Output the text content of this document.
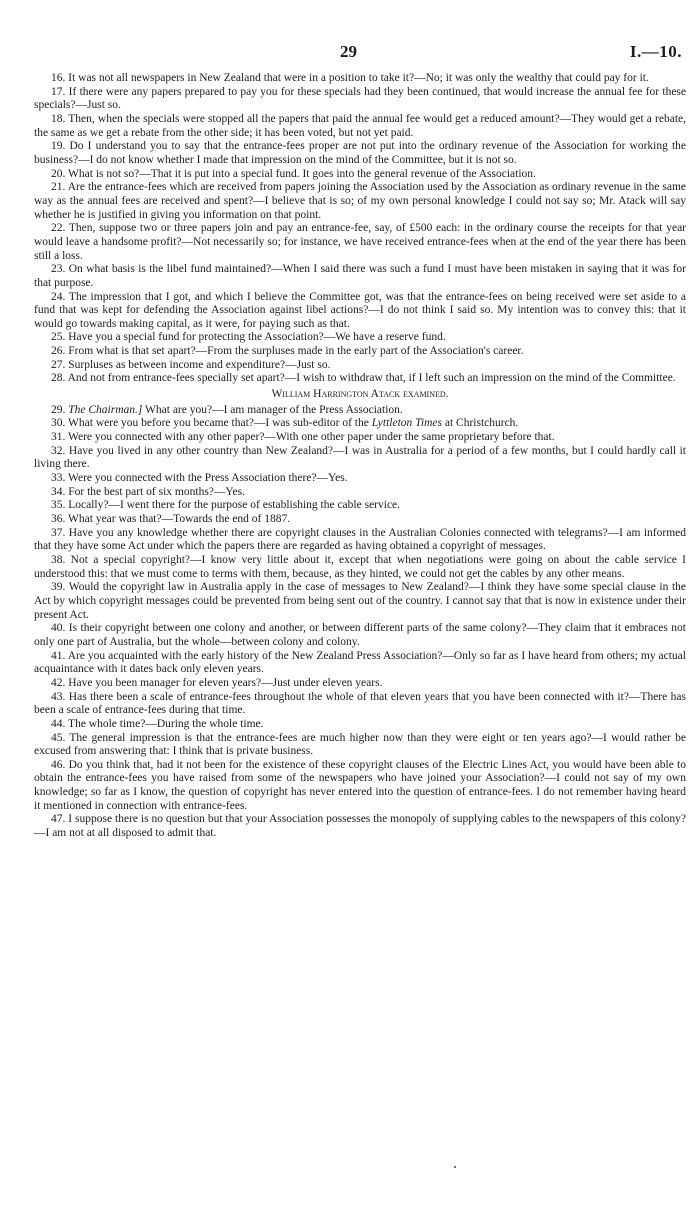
29	I.—10.

16. It was not all newspapers in New Zealand that were in a position to take it?—No; it was only the wealthy that could pay for it.

17. If there were any papers prepared to pay you for these specials had they been continued, that would increase the annual fee for these specials?—Just so.

18. Then, when the specials were stopped all the papers that paid the annual fee would get a reduced amount?—They would get a rebate, the same as we get a rebate from the other side; it has been voted, but not yet paid.

19. Do I understand you to say that the entrance-fees proper are not put into the ordinary revenue of the Association for working the business?—I do not know whether I made that impression on the mind of the Committee, but it is not so.

20. What is not so?—That it is put into a special fund. It goes into the general revenue of the Association.

21. Are the entrance-fees which are received from papers joining the Association used by the Association as ordinary revenue in the same way as the annual fees are received and spent?—I believe that is so; of my own personal knowledge I could not say so; Mr. Atack will say whether he is justified in giving you information on that point.

22. Then, suppose two or three papers join and pay an entrance-fee, say, of £500 each: in the ordinary course the receipts for that year would leave a handsome profit?—Not necessarily so; for instance, we have received entrance-fees when at the end of the year there has been still a loss.

23. On what basis is the libel fund maintained?—When I said there was such a fund I must have been mistaken in saying that it was for that purpose.

24. The impression that I got, and which I believe the Committee got, was that the entrance-fees on being received were set aside to a fund that was kept for defending the Association against libel actions?—I do not think I said so. My intention was to convey this: that it would go towards making capital, as it were, for paying such as that.

25. Have you a special fund for protecting the Association?—We have a reserve fund.

26. From what is that set apart?—From the surpluses made in the early part of the Association's career.

27. Surpluses as between income and expenditure?—Just so.

28. And not from entrance-fees specially set apart?—I wish to withdraw that, if I left such an impression on the mind of the Committee.

William Harrington Atack examined.

29. The Chairman.] What are you?—I am manager of the Press Association.

30. What were you before you became that?—I was sub-editor of the Lyttleton Times at Christchurch.

31. Were you connected with any other paper?—With one other paper under the same proprietary before that.

32. Have you lived in any other country than New Zealand?—I was in Australia for a period of a few months, but I could hardly call it living there.

33. Were you connected with the Press Association there?—Yes.

34. For the best part of six months?—Yes.

35. Locally?—I went there for the purpose of establishing the cable service.

36. What year was that?—Towards the end of 1887.

37. Have you any knowledge whether there are copyright clauses in the Australian Colonies connected with telegrams?—I am informed that they have some Act under which the papers there are regarded as having obtained a copyright of messages.

38. Not a special copyright?—I know very little about it, except that when negotiations were going on about the cable service I understood this: that we must come to terms with them, because, as they hinted, we could not get the cables by any other means.

39. Would the copyright law in Australia apply in the case of messages to New Zealand?—I think they have some special clause in the Act by which copyright messages could be prevented from being sent out of the country. I cannot say that that is now in existence under their present Act.

40. Is their copyright between one colony and another, or between different parts of the same colony?—They claim that it embraces not only one part of Australia, but the whole—between colony and colony.

41. Are you acquainted with the early history of the New Zealand Press Association?—Only so far as I have heard from others; my actual acquaintance with it dates back only eleven years.

42. Have you been manager for eleven years?—Just under eleven years.

43. Has there been a scale of entrance-fees throughout the whole of that eleven years that you have been connected with it?—There has been a scale of entrance-fees during that time.

44. The whole time?—During the whole time.

45. The general impression is that the entrance-fees are much higher now than they were eight or ten years ago?—I would rather be excused from answering that: I think that is private business.

46. Do you think that, had it not been for the existence of these copyright clauses of the Electric Lines Act, you would have been able to obtain the entrance-fees you have raised from some of the newspapers who have joined your Association?—I could not say of my own knowledge; so far as I know, the question of copyright has never entered into the question of entrance-fees. I do not remember having heard it mentioned in connection with entrance-fees.

47. I suppose there is no question but that your Association possesses the monopoly of supplying cables to the newspapers of this colony?—I am not at all disposed to admit that.
